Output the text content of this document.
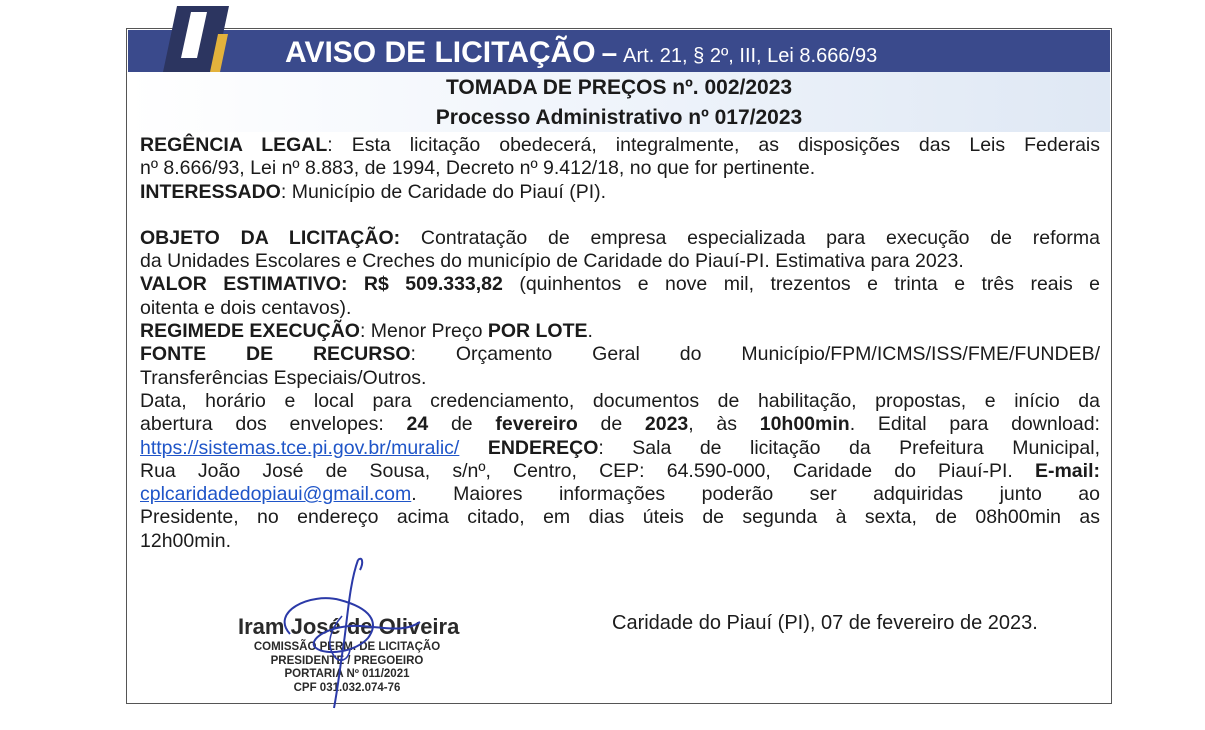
AVISO DE LICITAÇÃO – Art. 21, § 2º, III, Lei 8.666/93
TOMADA DE PREÇOS nº. 002/2023
Processo Administrativo nº 017/2023
REGÊNCIA LEGAL: Esta licitação obedecerá, integralmente, as disposições das Leis Federais
nº 8.666/93, Lei nº 8.883, de 1994, Decreto nº 9.412/18, no que for pertinente.
INTERESSADO: Município de Caridade do Piauí (PI).
OBJETO DA LICITAÇÃO: Contratação de empresa especializada para execução de reforma
da Unidades Escolares e Creches do município de Caridade do Piauí-PI. Estimativa para 2023.
VALOR ESTIMATIVO: R$ 509.333,82 (quinhentos e nove mil, trezentos e trinta e três reais e
oitenta e dois centavos).
REGIMEDE EXECUÇÃO: Menor Preço POR LOTE.
FONTE DE RECURSO: Orçamento Geral do Município/FPM/ICMS/ISS/FME/FUNDEB/
Transferências Especiais/Outros.
Data, horário e local para credenciamento, documentos de habilitação, propostas, e início da
abertura dos envelopes: 24 de fevereiro de 2023, às 10h00min. Edital para download:
https://sistemas.tce.pi.gov.br/muralic/ ENDEREÇO: Sala de licitação da Prefeitura Municipal,
Rua João José de Sousa, s/nº, Centro, CEP: 64.590-000, Caridade do Piauí-PI. E-mail:
cplcaridadedopiaui@gmail.com. Maiores informações poderão ser adquiridas junto ao
Presidente, no endereço acima citado, em dias úteis de segunda à sexta, de 08h00min as
12h00min.
Caridade do Piauí (PI), 07 de fevereiro de 2023.
Iram José de Oliveira
COMISSÃO PERM. DE LICITAÇÃO
PRESIDENTE / PREGOEIRO
PORTARIA Nº 011/2021
CPF 031.032.074-76
